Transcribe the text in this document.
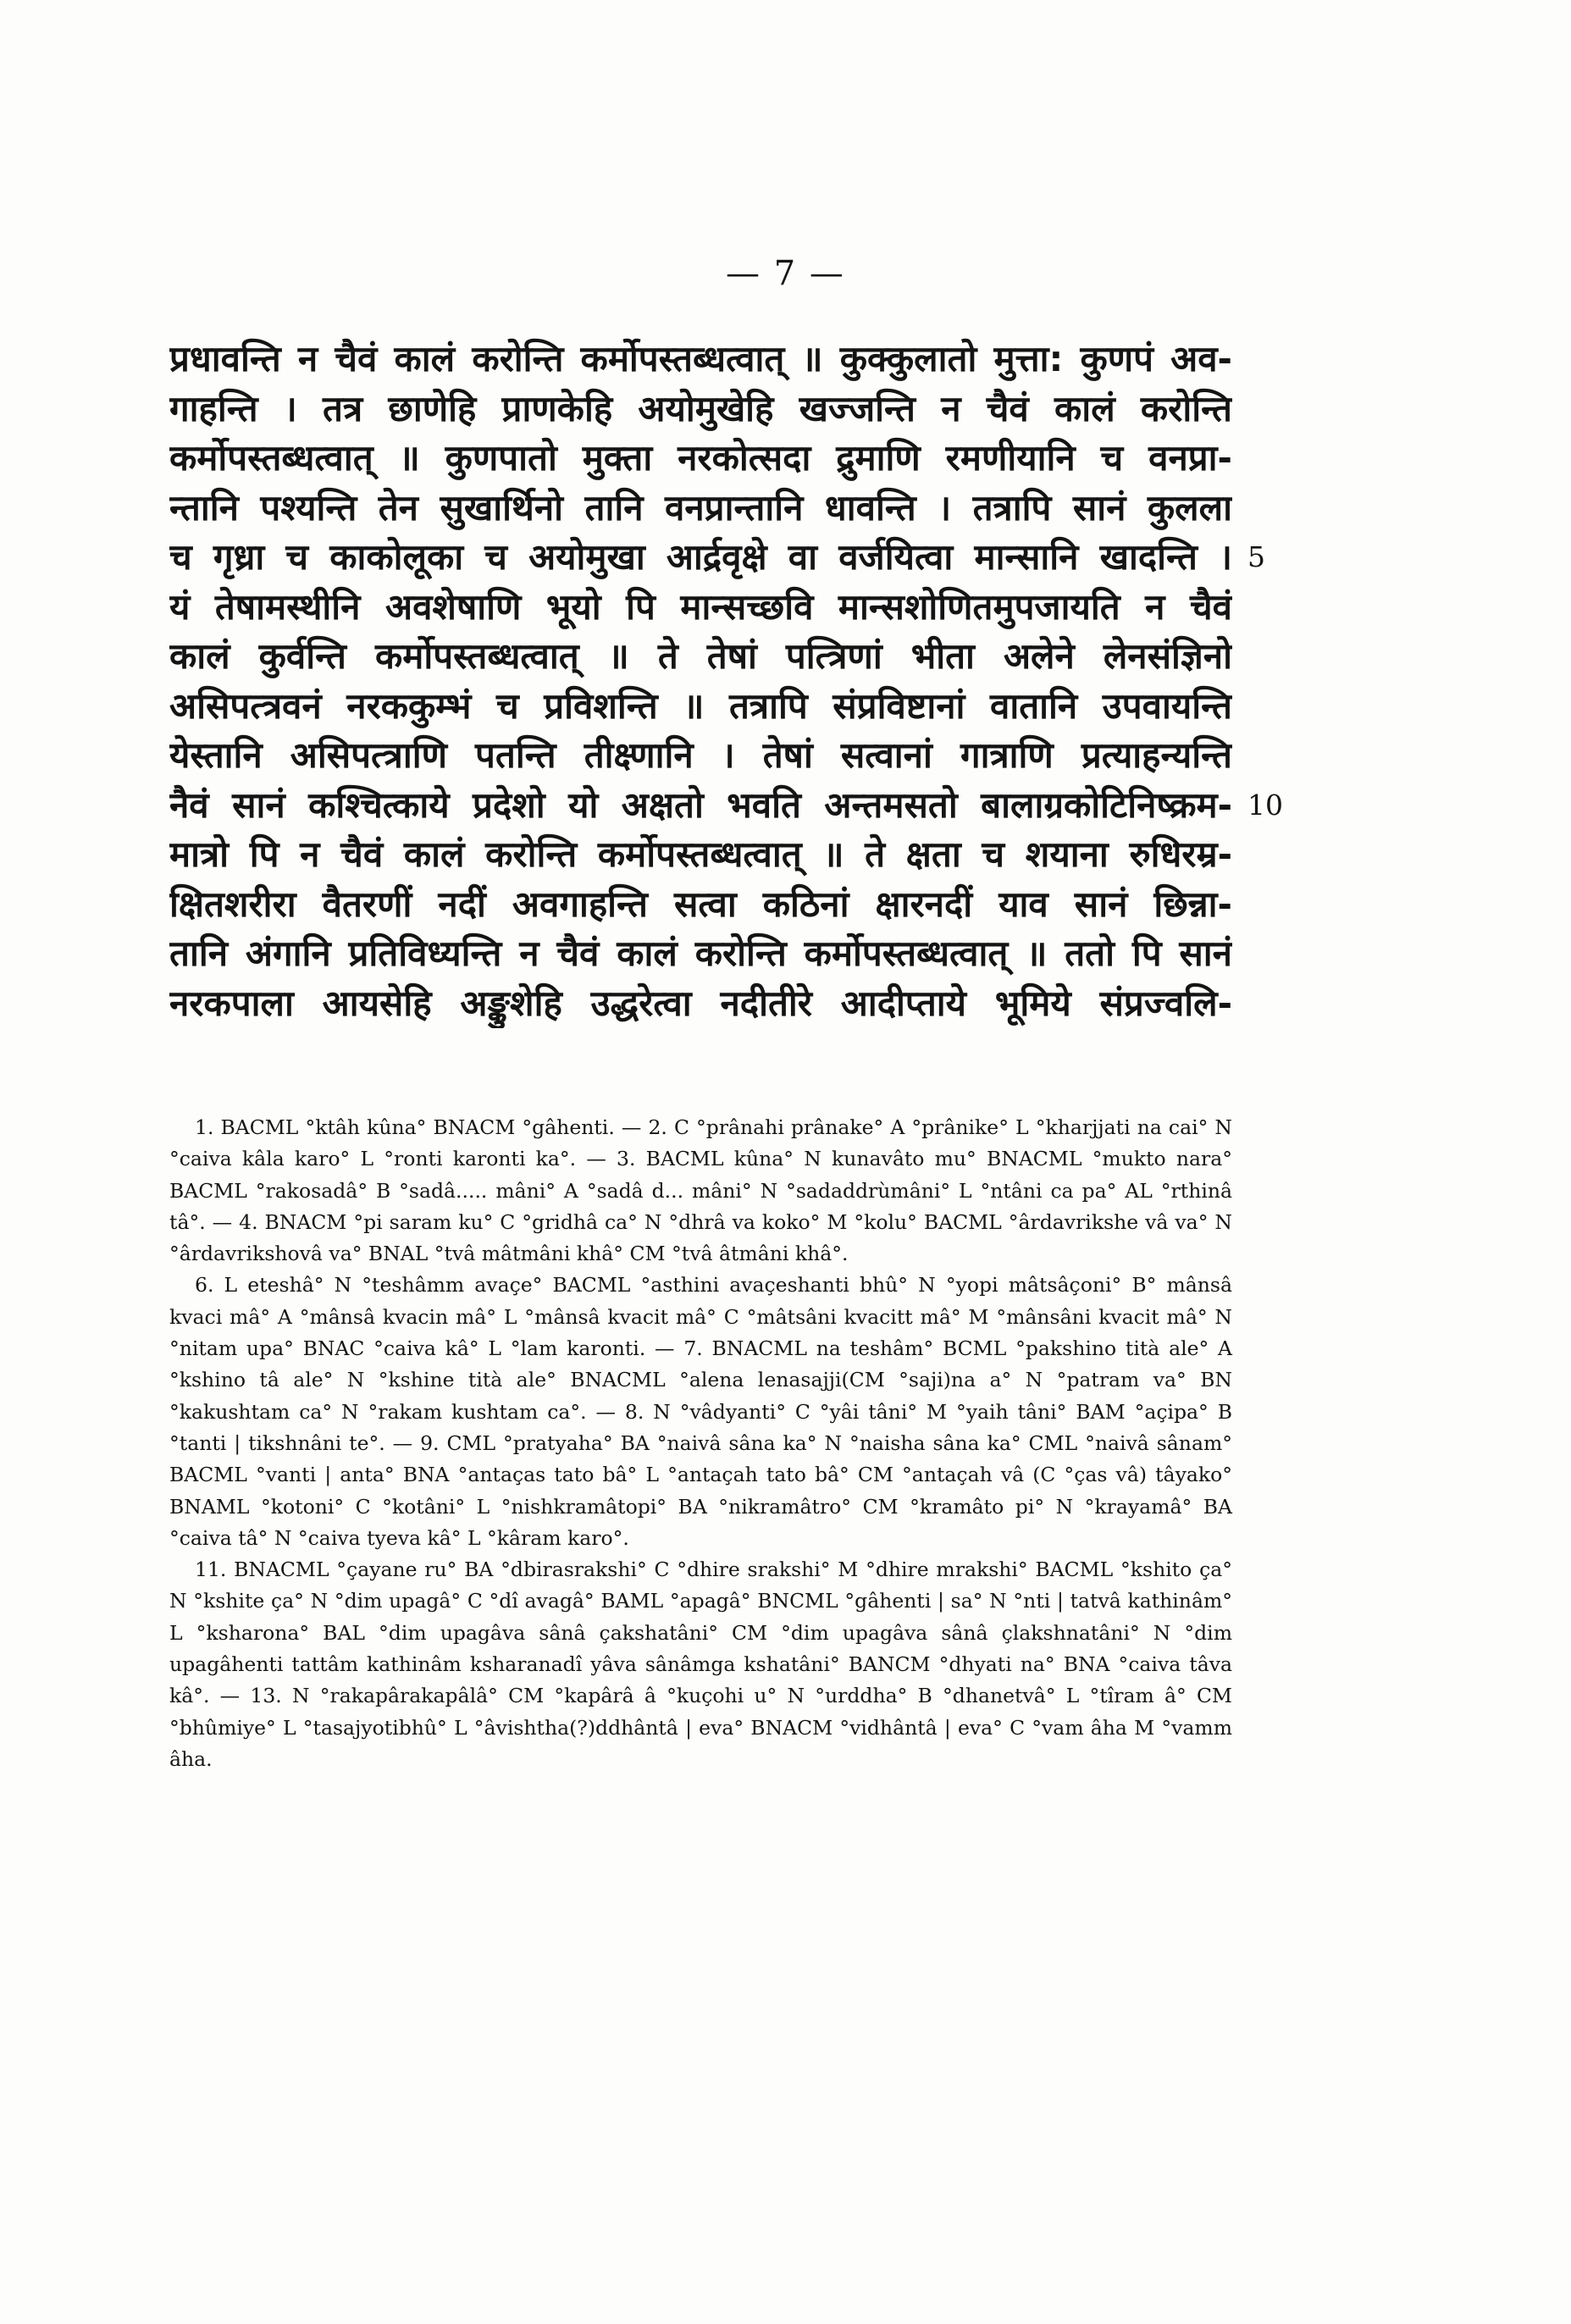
— 7 —
प्रधावन्ति न चैवं कालं करोन्ति कर्मोपस्तब्धत्वात् ॥ कुक्कुलातो मुत्ता: कुणपं अव-
गाहन्ति । तत्र छाणेहि प्राणकेहि अयोमुखेहि खज्जन्ति न चैवं कालं करोन्ति
कर्मोपस्तब्धत्वात् ॥ कुणपातो मुक्ता नरकोत्सदा द्रुमाणि रमणीयानि च वनप्रा-
न्तानि पश्यन्ति तेन सुखार्थिनो तानि वनप्रान्तानि धावन्ति । तत्रापि सानं कुलला
च गृध्रा च काकोलूका च अयोमुखा आर्द्रवृक्षे वा वर्जयित्वा मान्सानि खादन्ति ।
यं तेषामस्थीनि अवशेषाणि भूयो पि मान्सच्छवि मान्सशोणितमुपजायति न चैवं
कालं कुर्वन्ति कर्मोपस्तब्धत्वात् ॥ ते तेषां पत्त्रिणां भीता अलेने लेनसंज्ञिनो
असिपत्त्रवनं नरककुम्भं च प्रविशन्ति ॥ तत्रापि संप्रविष्टानां वातानि उपवायन्ति
येस्तानि असिपत्त्राणि पतन्ति तीक्ष्णानि । तेषां सत्वानां गात्राणि प्रत्याहन्यन्ति
नैवं सानं कश्चित्काये प्रदेशो यो अक्षतो भवति अन्तमसतो बालाग्रकोटिनिष्क्रम-
मात्रो पि न चैवं कालं करोन्ति कर्मोपस्तब्धत्वात् ॥ ते क्षता च शयाना रुधिरम्र-
क्षितशरीरा वैतरणीं नदीं अवगाहन्ति सत्वा कठिनां क्षारनदीं याव सानं छिन्ना-
तानि अंगानि प्रतिविध्यन्ति न चैवं कालं करोन्ति कर्मोपस्तब्धत्वात् ॥ ततो पि सानं
नरकपाला आयसेहि अङ्कुशेहि उद्धरेत्वा नदीतीरे आदीप्ताये भूमिये संप्रज्वलि-
5
10

1. BACML °ktâh kûna° BNACM °gâhenti. — 2. C °prânahi prânake° A °prânike° L °kharjjati na cai° N °caiva kâla karo° L °ronti karonti ka°. — 3. BACML kûna° N kunavâto mu° BNACML °mukto nara° BACML °rakosadâ° B °sadâ..... mâni° A °sadâ d... mâni° N °sadaddrùmâni° L °ntâni ca pa° AL °rthinâ tâ°. — 4. BNACM °pi saram ku° C °gridhâ ca° N °dhrâ va koko° M °kolu° BACML °ârdavrikshe vâ va° N °ârdavrikshovâ va° BNAL °tvâ mâtmâni khâ° CM °tvâ âtmâni khâ°.

6. L eteshâ° N °teshâmm avaçe° BACML °asthini avaçeshanti bhû° N °yopi mâtsâçoni° B° mânsâ kvaci mâ° A °mânsâ kvacin mâ° L °mânsâ kvacit mâ° C °mâtsâni kvacitt mâ° M °mânsâni kvacit mâ° N °nitam upa° BNAC °caiva kâ° L °lam karonti. — 7. BNACML na teshâm° BCML °pakshino tità ale° A °kshino tâ ale° N °kshine tità ale° BNACML °alena lenasajji(CM °saji)na a° N °patram va° BN °kakushtam ca° N °rakam kushtam ca°. — 8. N °vâdyanti° C °yâi tâni° M °yaih tâni° BAM °açipa° B °tanti | tikshnâni te°. — 9. CML °pratyaha° BA °naivâ sâna ka° N °naisha sâna ka° CML °naivâ sânam° BACML °vanti | anta° BNA °antaças tato bâ° L °antaçah tato bâ° CM °antaçah vâ (C °ças vâ) tâyako° BNAML °kotoni° C °kotâni° L °nishkramâtopi° BA °nikramâtro° CM °kramâto pi° N °krayamâ° BA °caiva tâ° N °caiva tyeva kâ° L °kâram karo°.

11. BNACML °çayane ru° BA °dbirasrakshi° C °dhire srakshi° M °dhire mrakshi° BACML °kshito ça° N °kshite ça° N °dim upagâ° C °dî avagâ° BAML °apagâ° BNCML °gâhenti | sa° N °nti | tatvâ kathinâm° L °ksharona° BAL °dim upagâva sânâ çakshatâni° CM °dim upagâva sânâ çlakshnatâni° N °dim upagâhenti tattâm kathinâm ksharanadî yâva sânâmga kshatâni° BANCM °dhyati na° BNA °caiva tâva kâ°. — 13. N °rakapârakapâlâ° CM °kapârâ â °kuçohi u° N °urddha° B °dhanetvâ° L °tîram â° CM °bhûmiye° L °tasajyotibhû° L °âvishtha(?)ddhântâ | eva° BNACM °vidhântâ | eva° C °vam âha M °vamm âha.
